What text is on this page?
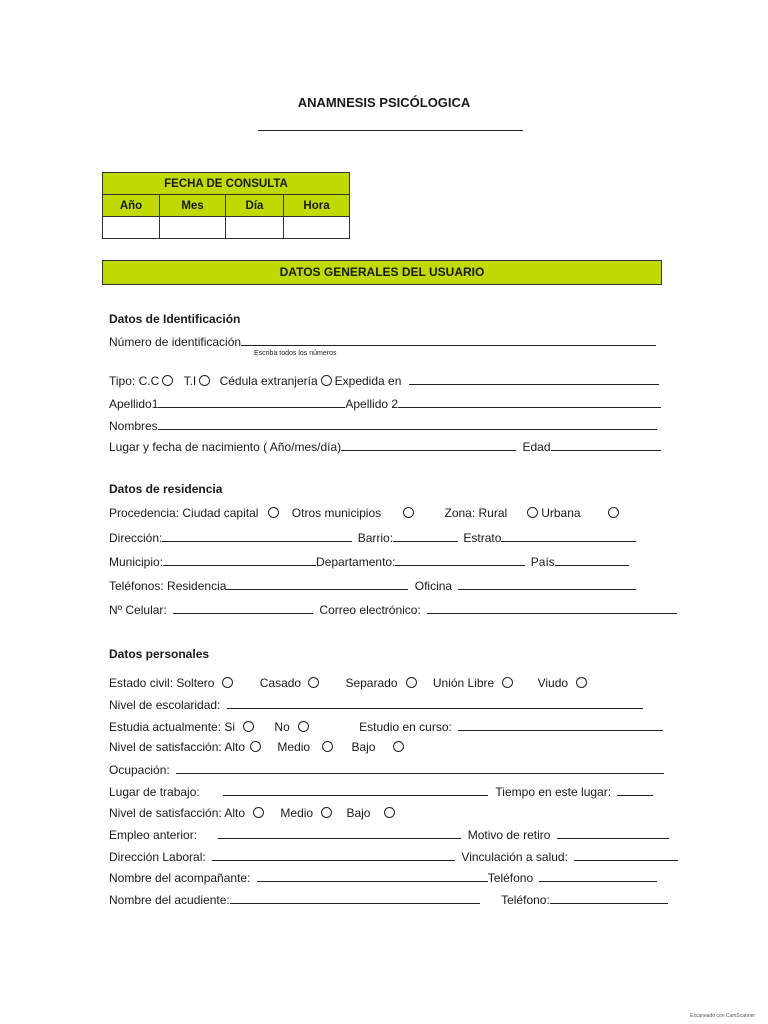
ANAMNESIS PSICÓLOGICA
FECHA DE CONSULTA			
Año	Mes	Día	Hora

DATOS GENERALES DEL USUARIO
Datos de Identificación
Número de identificación
Escriba todos los números
Tipo: C.C T.I Cédula extranjería Expedida en
Apellido1	Apellido 2
Nombres
Lugar y fecha de nacimiento ( Año/mes/día)	Edad
Datos de residencia
Procedencia: Ciudad capital	Otros municipios	Zona: Rural	Urbana
Dirección:	Barrio:	Estrato
Municipio:	Departamento:	País
Teléfonos: Residencia	Oficina
Nº Celular:	Correo electrónico:
Datos personales
Estado civil: Soltero	Casado	Separado	Unión Libre	Viudo
Nivel de escolaridad:
Estudia actualmente: Si	No	Estudio en curso:
Nivel de satisfacción: Alto	Medio	Bajo
Ocupación:
Lugar de trabajo:	Tiempo en este lugar:
Nivel de satisfacción: Alto	Medio	Bajo
Empleo anterior:	Motivo de retiro
Dirección Laboral:	Vinculación a salud:
Nombre del acompañante:	Teléfono
Nombre del acudiente:	Teléfono:
Escaneado con CamScanner
